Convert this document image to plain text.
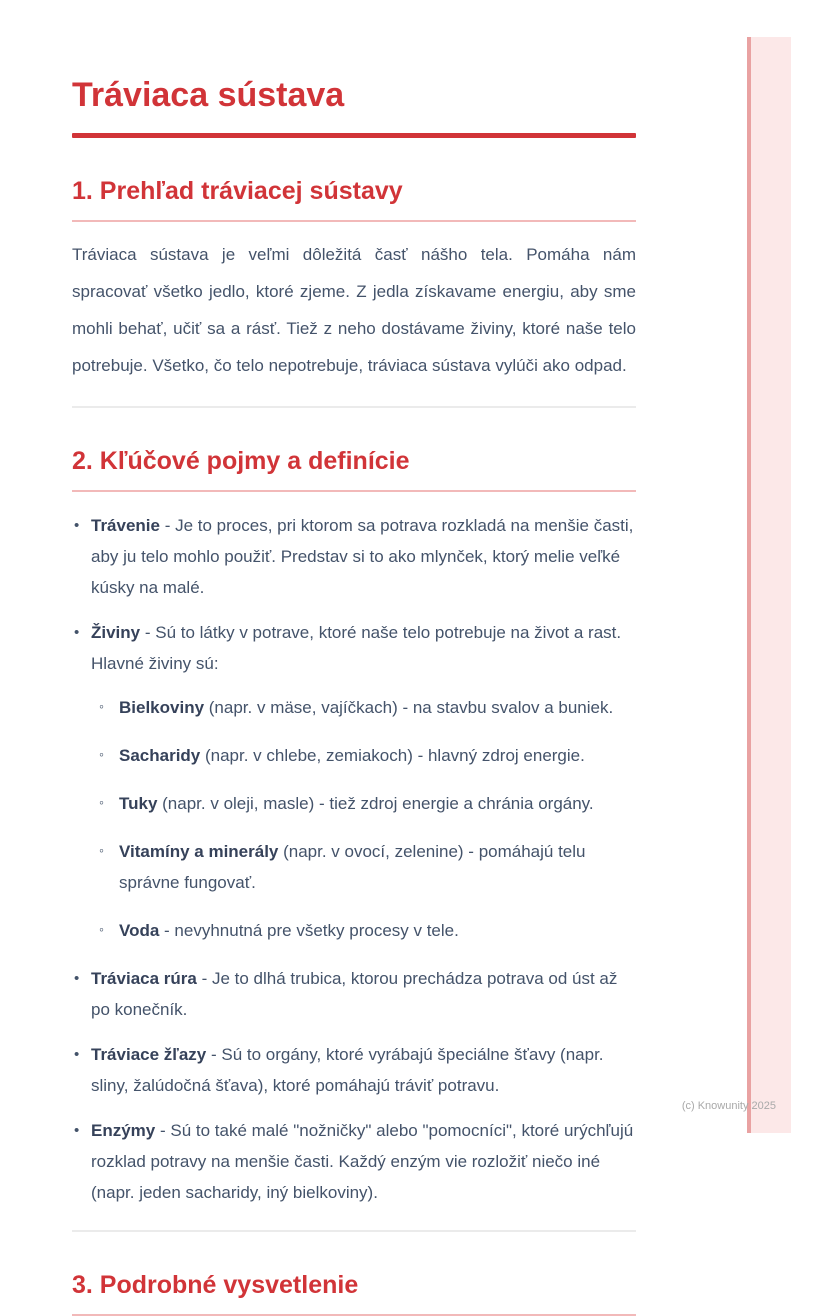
Tráviaca sústava
1. Prehľad tráviacej sústavy

Tráviaca sústava je veľmi dôležitá časť nášho tela. Pomáha nám spracovať všetko jedlo, ktoré zjeme. Z jedla získavame energiu, aby sme mohli behať, učiť sa a rásť. Tiež z neho dostávame živiny, ktoré naše telo potrebuje. Všetko, čo telo nepotrebuje, tráviaca sústava vylúči ako odpad.

2. Kľúčové pojmy a definície
• Trávenie - Je to proces, pri ktorom sa potrava rozkladá na menšie časti, aby ju telo mohlo použiť. Predstav si to ako mlynček, ktorý melie veľké kúsky na malé.
• Živiny - Sú to látky v potrave, ktoré naše telo potrebuje na život a rast. Hlavné živiny sú:
◦ Bielkoviny (napr. v mäse, vajíčkach) - na stavbu svalov a buniek.
◦ Sacharidy (napr. v chlebe, zemiakoch) - hlavný zdroj energie.
◦ Tuky (napr. v oleji, masle) - tiež zdroj energie a chránia orgány.
◦ Vitamíny a minerály (napr. v ovocí, zelenine) - pomáhajú telu správne fungovať.
◦ Voda - nevyhnutná pre všetky procesy v tele.
• Tráviaca rúra - Je to dlhá trubica, ktorou prechádza potrava od úst až po konečník.
• Tráviace žľazy - Sú to orgány, ktoré vyrábajú špeciálne šťavy (napr. sliny, žalúdočná šťava), ktoré pomáhajú tráviť potravu.
• Enzýmy - Sú to také malé "nožničky" alebo "pomocníci", ktoré urýchľujú rozklad potravy na menšie časti. Každý enzým vie rozložiť niečo iné (napr. jeden sacharidy, iný bielkoviny).
3. Podrobné vysvetlenie
(c) Knowunity 2025
